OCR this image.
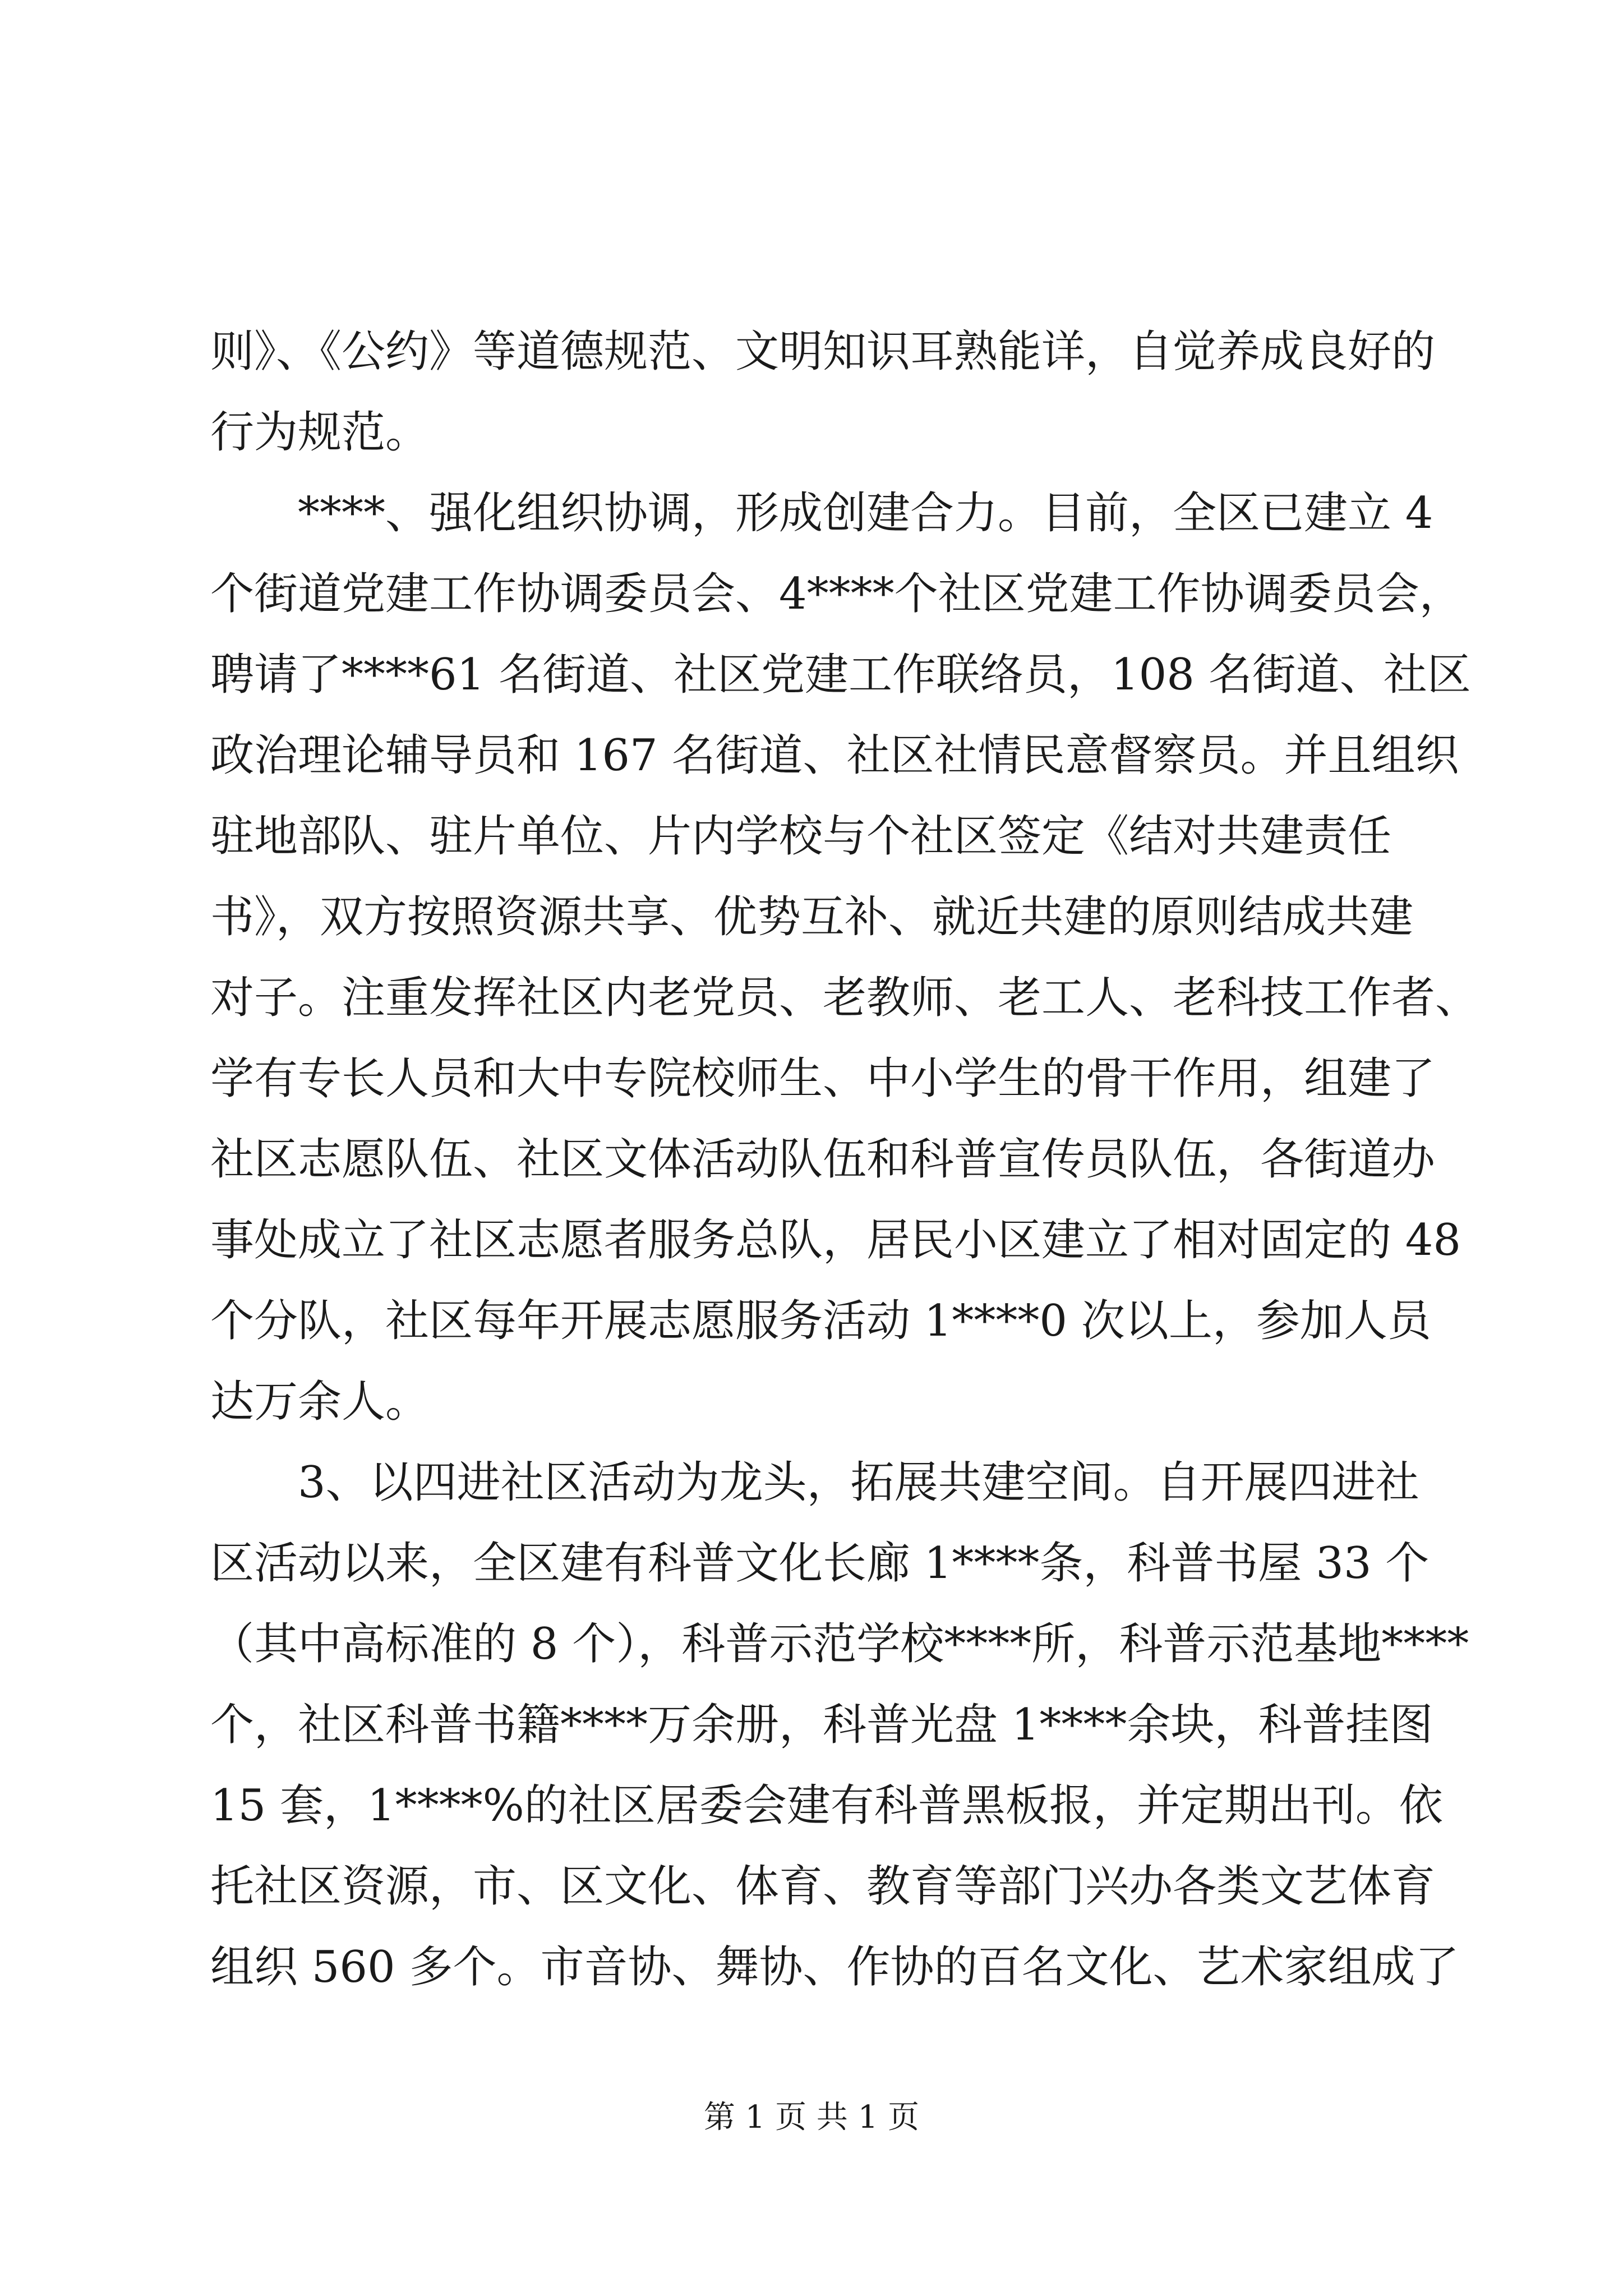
则》、《公约》等道德规范、文明知识耳熟能详，自觉养成良好的
行为规范。
　　****、强化组织协调，形成创建合力。目前，全区已建立 4
个街道党建工作协调委员会、4****个社区党建工作协调委员会，
聘请了****61 名街道、社区党建工作联络员，108 名街道、社区
政治理论辅导员和 167 名街道、社区社情民意督察员。并且组织
驻地部队、驻片单位、片内学校与个社区签定《结对共建责任
书》，双方按照资源共享、优势互补、就近共建的原则结成共建
对子。注重发挥社区内老党员、老教师、老工人、老科技工作者、
学有专长人员和大中专院校师生、中小学生的骨干作用，组建了
社区志愿队伍、社区文体活动队伍和科普宣传员队伍，各街道办
事处成立了社区志愿者服务总队，居民小区建立了相对固定的 48
个分队，社区每年开展志愿服务活动 1****0 次以上，参加人员
达万余人。
　　3、以四进社区活动为龙头，拓展共建空间。自开展四进社
区活动以来，全区建有科普文化长廊 1****条，科普书屋 33 个
（其中高标准的 8 个），科普示范学校****所，科普示范基地****
个，社区科普书籍****万余册，科普光盘 1****余块，科普挂图
15 套，1****%的社区居委会建有科普黑板报，并定期出刊。依
托社区资源，市、区文化、体育、教育等部门兴办各类文艺体育
组织 560 多个。市音协、舞协、作协的百名文化、艺术家组成了
第 1 页 共 1 页
